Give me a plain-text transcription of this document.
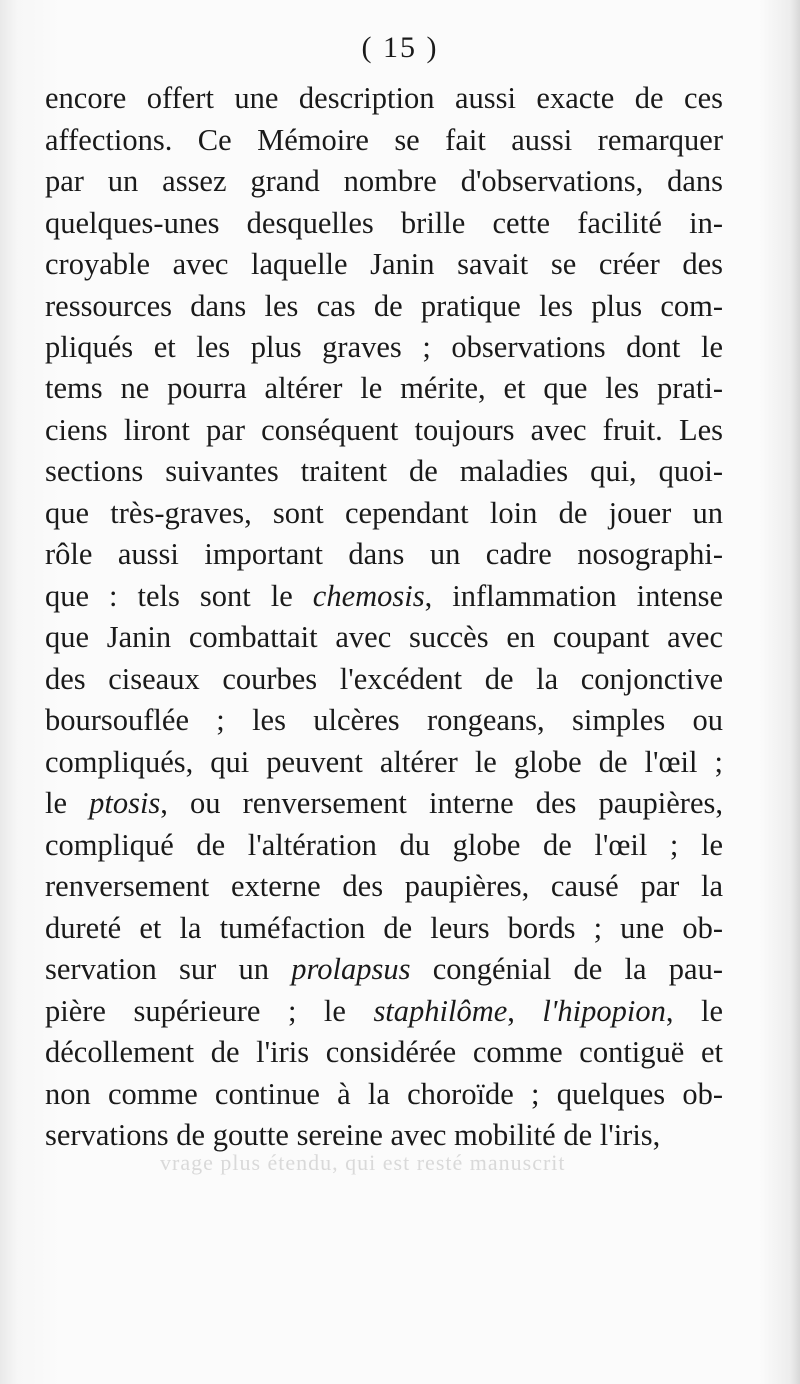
( 15 )
encore offert une description aussi exacte de ces
affections. Ce Mémoire se fait aussi remarquer
par un assez grand nombre d'observations, dans
quelques-unes desquelles brille cette facilité in-
croyable avec laquelle Janin savait se créer des
ressources dans les cas de pratique les plus com-
pliqués et les plus graves ; observations dont le
tems ne pourra altérer le mérite, et que les prati-
ciens liront par conséquent toujours avec fruit. Les
sections suivantes traitent de maladies qui, quoi-
que très-graves, sont cependant loin de jouer un
rôle aussi important dans un cadre nosographi-
que : tels sont le chemosis, inflammation intense
que Janin combattait avec succès en coupant avec
des ciseaux courbes l'excédent de la conjonctive
boursouflée ; les ulcères rongeans, simples ou
compliqués, qui peuvent altérer le globe de l'œil ;
le ptosis, ou renversement interne des paupières,
compliqué de l'altération du globe de l'œil ; le
renversement externe des paupières, causé par la
dureté et la tuméfaction de leurs bords ; une ob-
servation sur un prolapsus congénial de la pau-
pière supérieure ; le staphilôme, l'hipopion, le
décollement de l'iris considérée comme contiguë et
non comme continue à la choroïde ; quelques ob-
servations de goutte sereine avec mobilité de l'iris,
vrage plus étendu, qui est resté manuscrit
